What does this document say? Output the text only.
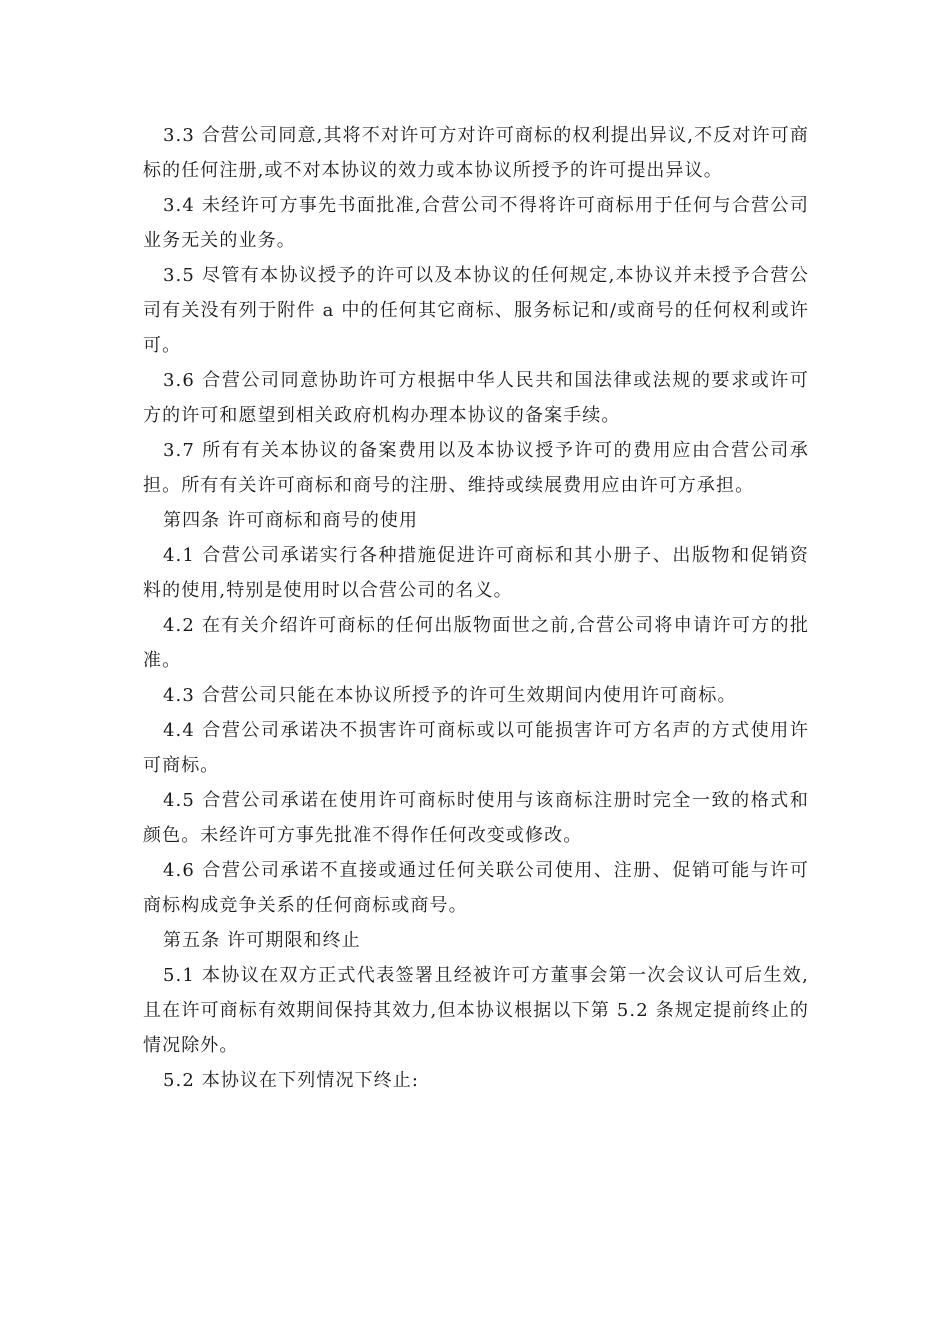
3.3 合营公司同意,其将不对许可方对许可商标的权利提出异议,不反对许可商标的任何注册,或不对本协议的效力或本协议所授予的许可提出异议。

3.4 未经许可方事先书面批准,合营公司不得将许可商标用于任何与合营公司业务无关的业务。

3.5 尽管有本协议授予的许可以及本协议的任何规定,本协议并未授予合营公司有关没有列于附件 a 中的任何其它商标、服务标记和/或商号的任何权利或许可。

3.6 合营公司同意协助许可方根据中华人民共和国法律或法规的要求或许可方的许可和愿望到相关政府机构办理本协议的备案手续。

3.7 所有有关本协议的备案费用以及本协议授予许可的费用应由合营公司承担。所有有关许可商标和商号的注册、维持或续展费用应由许可方承担。

第四条 许可商标和商号的使用

4.1 合营公司承诺实行各种措施促进许可商标和其小册子、出版物和促销资料的使用,特别是使用时以合营公司的名义。

4.2 在有关介绍许可商标的任何出版物面世之前,合营公司将申请许可方的批准。

4.3 合营公司只能在本协议所授予的许可生效期间内使用许可商标。

4.4 合营公司承诺决不损害许可商标或以可能损害许可方名声的方式使用许可商标。

4.5 合营公司承诺在使用许可商标时使用与该商标注册时完全一致的格式和颜色。未经许可方事先批准不得作任何改变或修改。

4.6 合营公司承诺不直接或通过任何关联公司使用、注册、促销可能与许可商标构成竞争关系的任何商标或商号。

第五条 许可期限和终止

5.1 本协议在双方正式代表签署且经被许可方董事会第一次会议认可后生效,且在许可商标有效期间保持其效力,但本协议根据以下第 5.2 条规定提前终止的情况除外。

5.2 本协议在下列情况下终止:
